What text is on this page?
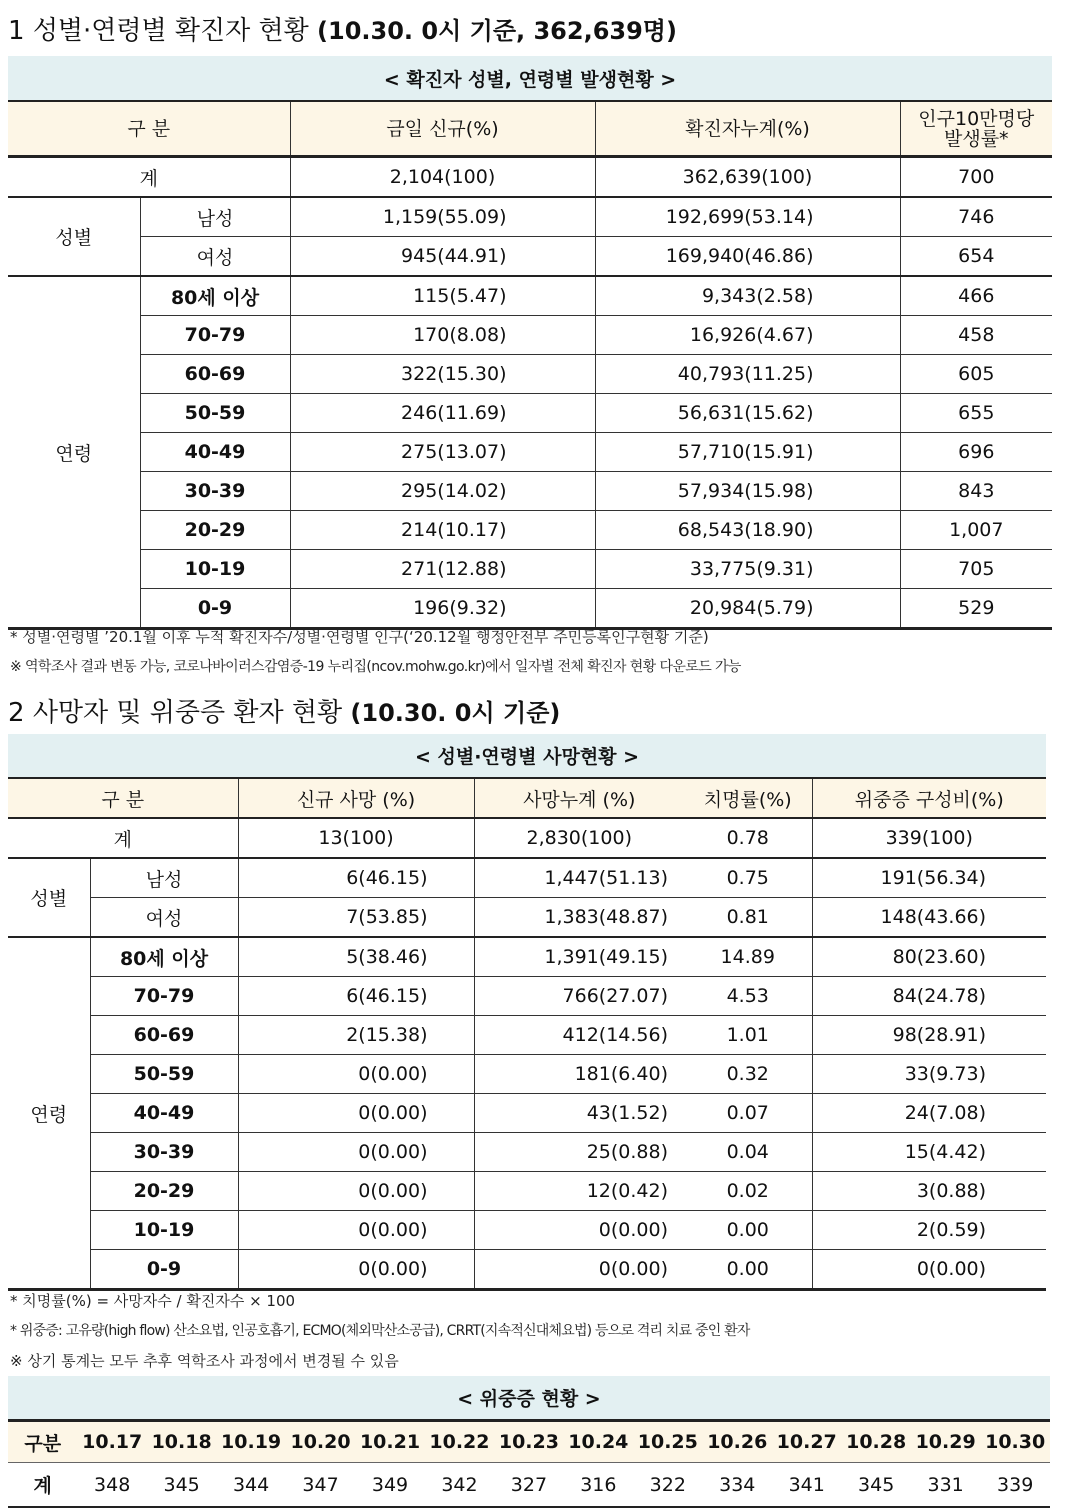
1 성별·연령별 확진자 현황 (10.30. 0시 기준, 362,639명)
< 확진자 성별, 연령별 발생현황 >				
구 분		금일 신규(%)	확진자누계(%)	인구10만명당
발생률*
계		2,104(100)	362,639(100)	700
성별	남성	1,159(55.09)	192,699(53.14)	746
	여성	945(44.91)	169,940(46.86)	654
연령	80세 이상	115(5.47)	9,343(2.58)	466
	70-79	170(8.08)	16,926(4.67)	458
	60-69	322(15.30)	40,793(11.25)	605
	50-59	246(11.69)	56,631(15.62)	655
	40-49	275(13.07)	57,710(15.91)	696
	30-39	295(14.02)	57,934(15.98)	843
	20-29	214(10.17)	68,543(18.90)	1,007
	10-19	271(12.88)	33,775(9.31)	705
	0-9	196(9.32)	20,984(5.79)	529
* 성별·연령별 ’20.1월 이후 누적 확진자수/성별·연령별 인구(‘20.12월 행정안전부 주민등록인구현황 기준)
※ 역학조사 결과 변동 가능, 코로나바이러스감염증-19 누리집(ncov.mohw.go.kr)에서 일자별 전체 확진자 현황 다운로드 가능
2 사망자 및 위중증 환자 현황 (10.30. 0시 기준)
< 성별·연령별 사망현황 >					
구 분		신규 사망 (%)	사망누계 (%)	치명률(%)	위중증 구성비(%)
계		13(100)	2,830(100)	0.78	339(100)
성별	남성	6(46.15)	1,447(51.13)	0.75	191(56.34)
	여성	7(53.85)	1,383(48.87)	0.81	148(43.66)
연령	80세 이상	5(38.46)	1,391(49.15)	14.89	80(23.60)
	70-79	6(46.15)	766(27.07)	4.53	84(24.78)
	60-69	2(15.38)	412(14.56)	1.01	98(28.91)
	50-59	0(0.00)	181(6.40)	0.32	33(9.73)
	40-49	0(0.00)	43(1.52)	0.07	24(7.08)
	30-39	0(0.00)	25(0.88)	0.04	15(4.42)
	20-29	0(0.00)	12(0.42)	0.02	3(0.88)
	10-19	0(0.00)	0(0.00)	0.00	2(0.59)
	0-9	0(0.00)	0(0.00)	0.00	0(0.00)
* 치명률(%) = 사망자수 / 확진자수 × 100
* 위중증: 고유량(high flow) 산소요법, 인공호흡기, ECMO(체외막산소공급), CRRT(지속적신대체요법) 등으로 격리 치료 중인 환자
※ 상기 통계는 모두 추후 역학조사 과정에서 변경될 수 있음
< 위중증 현황 >														
구분	10.17	10.18	10.19	10.20	10.21	10.22	10.23	10.24	10.25	10.26	10.27	10.28	10.29	10.30
계	348	345	344	347	349	342	327	316	322	334	341	345	331	339
